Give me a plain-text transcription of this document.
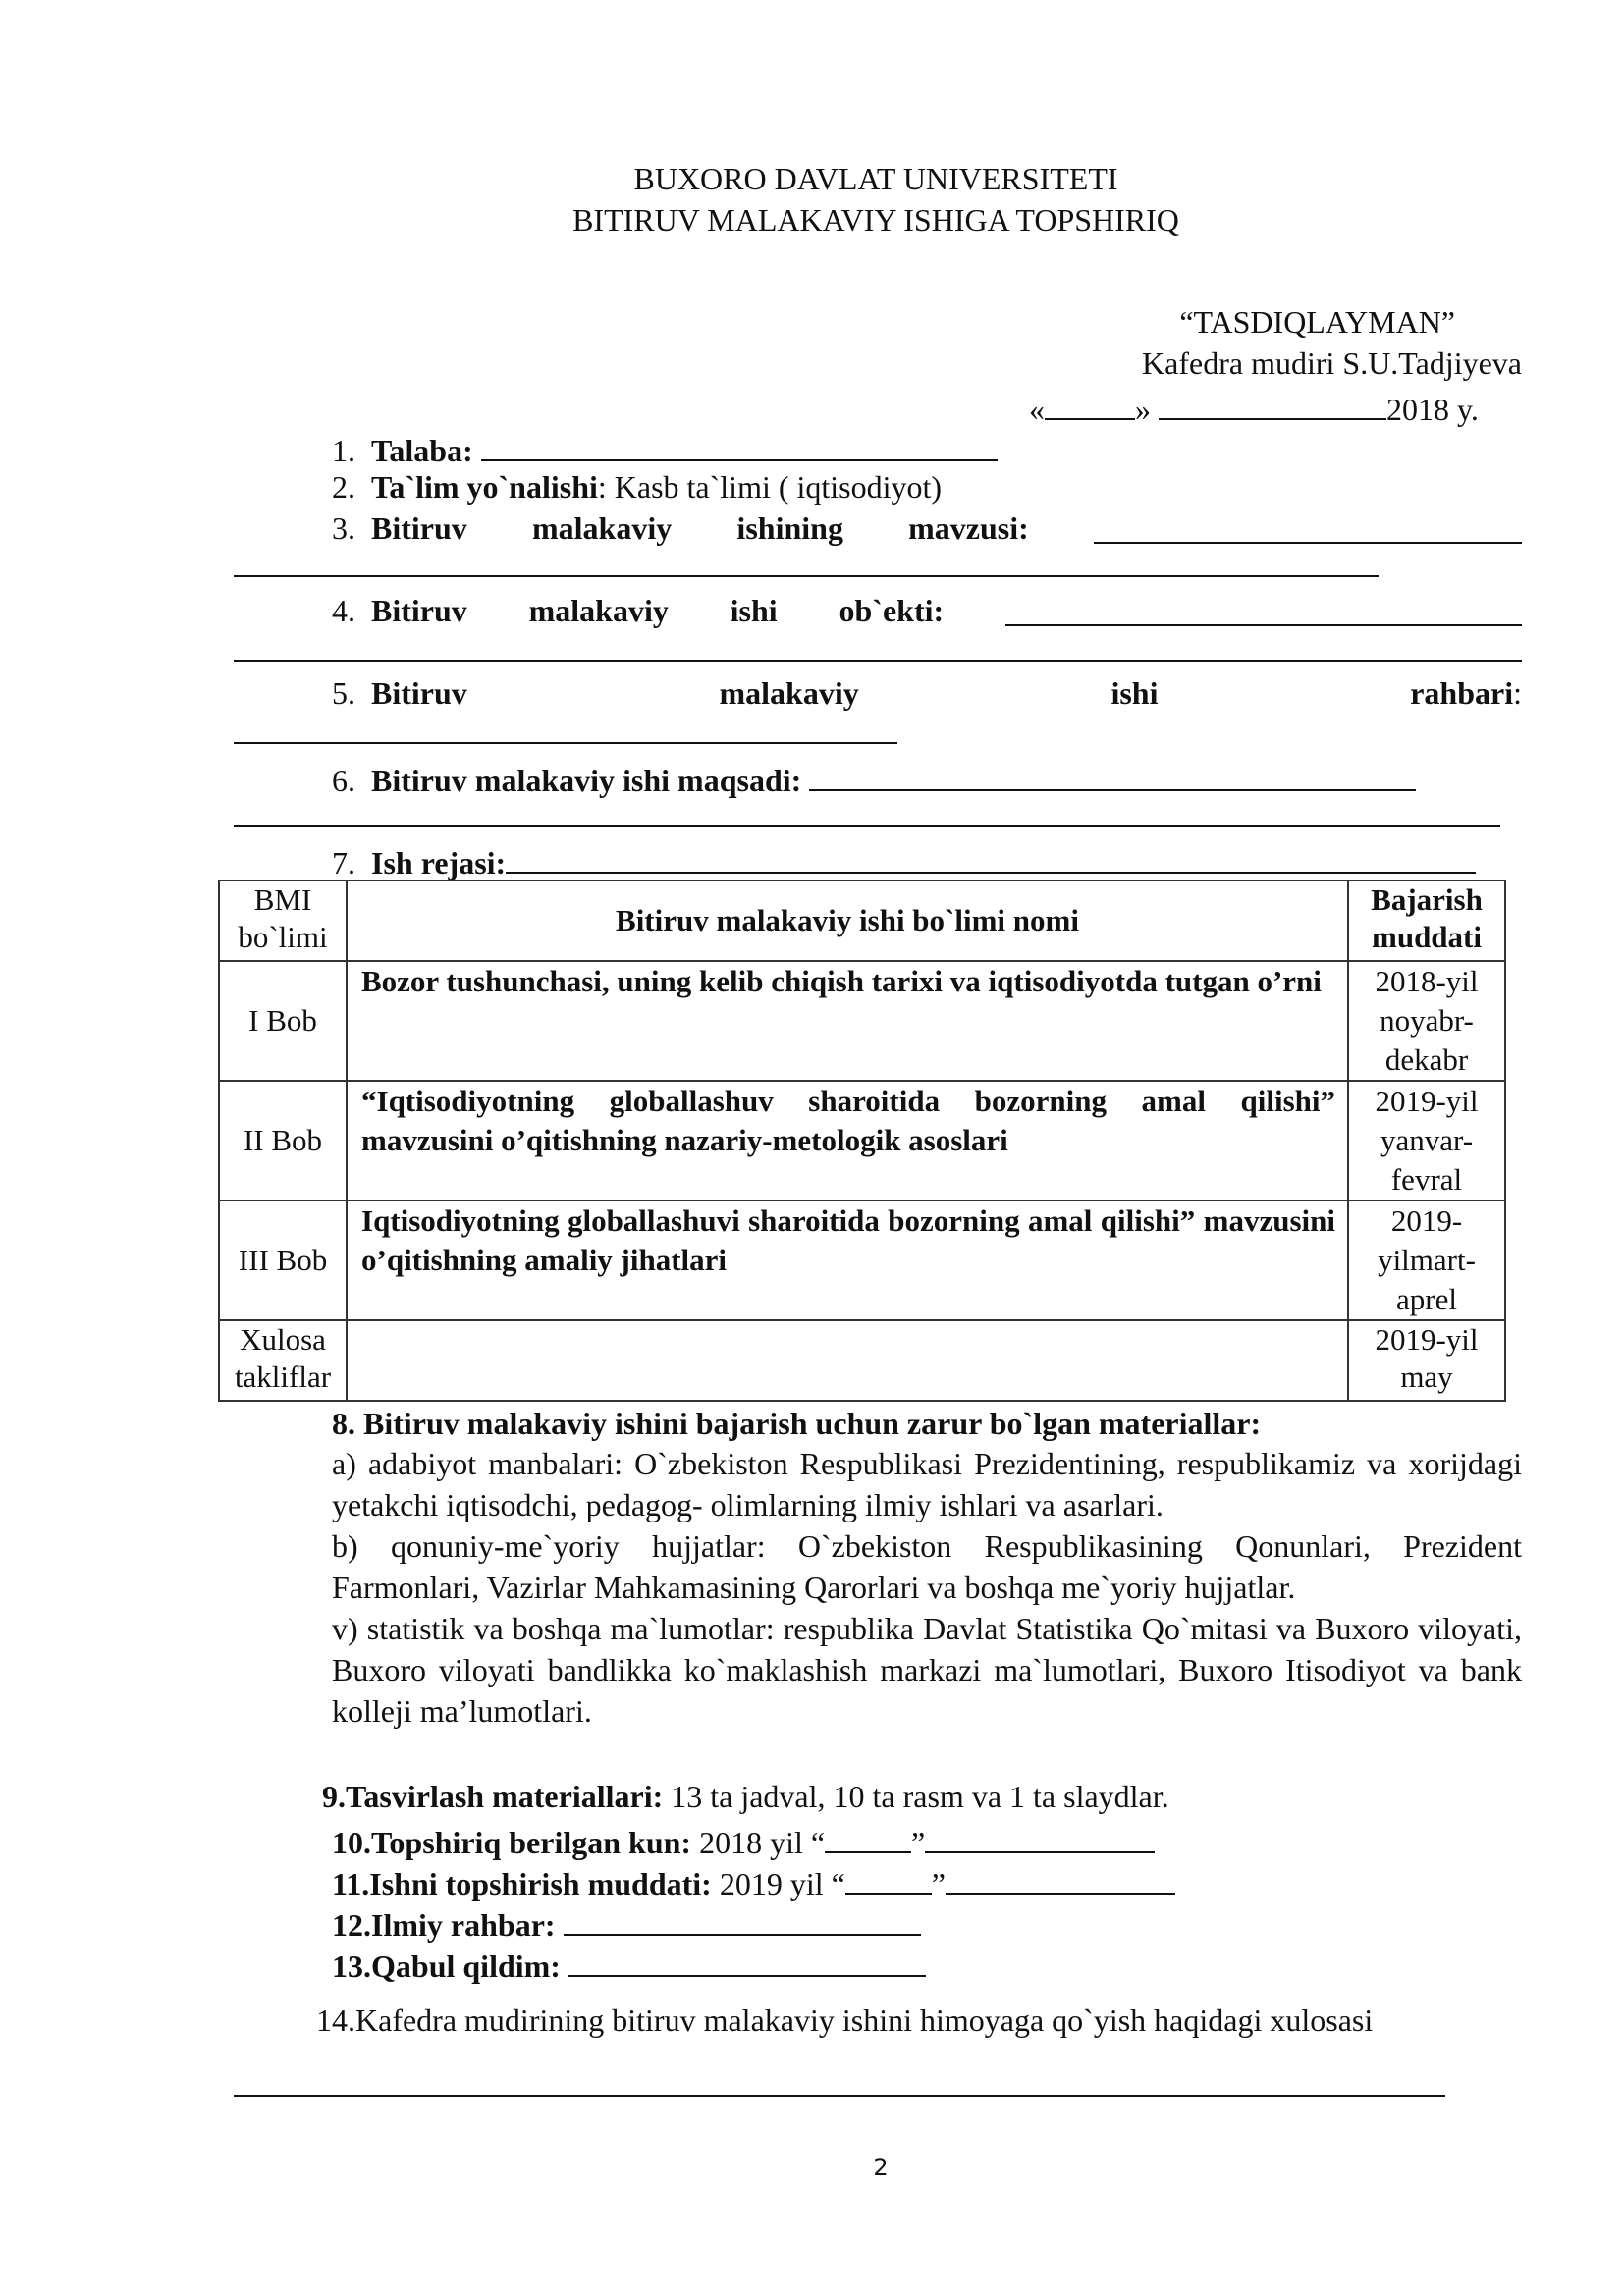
BUXORO DAVLAT UNIVERSITETI
BITIRUV MALAKAVIY ISHIGA TOPSHIRIQ
“TASDIQLAYMAN”
Kafedra mudiri S.U.Tadjiyeva
«	»	2018 y.
1. Talaba:
2. Ta`lim yo`nalishi: Kasb ta`limi ( iqtisodiyot)
3. Bitiruv malakaviy ishining mavzusi:
4. Bitiruv malakaviy ishi ob`ekti:
5. Bitiruv	malakaviy	ishi	rahbari:
6. Bitiruv malakaviy ishi maqsadi:
7. Ish rejasi:
BMI bo`limi	Bitiruv malakaviy ishi bo`limi nomi	Bajarish muddati
I Bob	Bozor tushunchasi, uning kelib chiqish tarixi va iqtisodiyotda tutgan o’rni	2018-yil noyabr-dekabr
II Bob	“Iqtisodiyotning globallashuv sharoitida bozorning amal qilishi” mavzusini o’qitishning nazariy-metologik asoslari	2019-yil yanvar-fevral
III Bob	Iqtisodiyotning globallashuvi sharoitida bozorning amal qilishi” mavzusini o’qitishning amaliy jihatlari	2019-yilmart-aprel
Xulosa takliflar		2019-yil may
8. Bitiruv malakaviy ishini bajarish uchun zarur bo`lgan materiallar:
a) adabiyot manbalari: O`zbekiston Respublikasi Prezidentining, respublikamiz va xorijdagi yetakchi iqtisodchi, pedagog- olimlarning ilmiy ishlari va asarlari.
b) qonuniy-me`yoriy hujjatlar: O`zbekiston Respublikasining Qonunlari, Prezident Farmonlari, Vazirlar Mahkamasining Qarorlari va boshqa me`yoriy hujjatlar.
v) statistik va boshqa ma`lumotlar: respublika Davlat Statistika Qo`mitasi va Buxoro viloyati, Buxoro viloyati bandlikka ko`maklashish markazi ma`lumotlari, Buxoro Itisodiyot va bank kolleji ma’lumotlari.
9.Tasvirlash materiallari: 13 ta jadval, 10 ta rasm va 1 ta slaydlar.
10.Topshiriq berilgan kun: 2018 yil “	”
11.Ishni topshirish muddati: 2019 yil “	”
12.Ilmiy rahbar:
13.Qabul qildim:
14.Kafedra mudirining bitiruv malakaviy ishini himoyaga qo`yish haqidagi xulosasi
2
